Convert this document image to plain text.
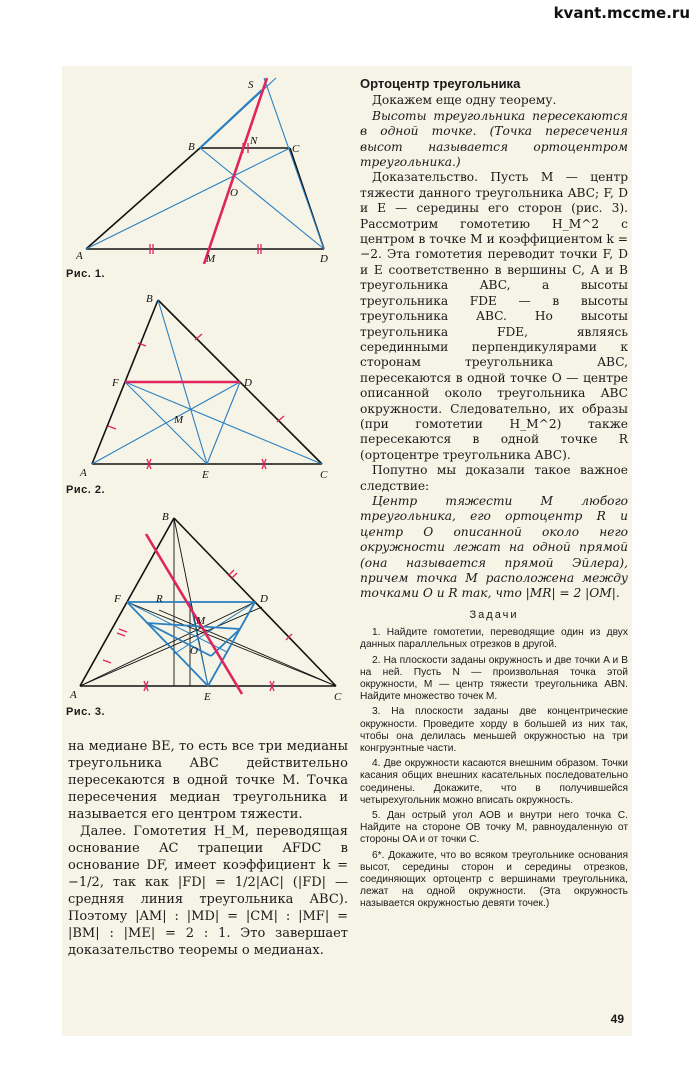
kvant.mccme.ru
S
B	N
C
O
A	M	D
Рис. 1.
B
F	D
M
A	E	C
Рис. 2.
B
F	R	D
M
O
A	E	C
Рис. 3.

на медиане BE, то есть все три медианы треугольника ABC действительно пересекаются в одной точке M. Точка пересечения медиан треугольника и называется его центром тяжести.

Далее. Гомотетия H_M, переводящая основание AC трапеции AFDC в основание DF, имеет коэффициент k = −1/2, так как |FD| = 1/2|AC| (|FD| — средняя линия треугольника ABC). Поэтому |AM| : |MD| = |CM| : |MF| = |BM| : |ME| = 2 : 1. Это завершает доказательство теоремы о медианах.

Ортоцентр треугольника

Докажем еще одну теорему.

Высоты треугольника пересекаются в одной точке. (Точка пересечения высот называется ортоцентром треугольника.)

Доказательство. Пусть M — центр тяжести данного треугольника ABC; F, D и E — середины его сторон (рис. 3). Рассмотрим гомотетию H_M^2 с центром в точке M и коэффициентом k = −2. Эта гомотетия переводит точки F, D и E соответственно в вершины C, A и B треугольника ABC, а высоты треугольника FDE — в высоты треугольника ABC. Но высоты треугольника FDE, являясь серединными перпендикулярами к сторонам треугольника ABC, пересекаются в одной точке O — центре описанной около треугольника ABC окружности. Следовательно, их образы (при гомотетии H_M^2) также пересекаются в одной точке R (ортоцентре треугольника ABC).

Попутно мы доказали такое важное следствие:

Центр тяжести M любого треугольника, его ортоцентр R и центр O описанной около него окружности лежат на одной прямой (она называется прямой Эйлера), причем точка M расположена между точками O и R так, что |MR| = 2 |OM|.

Задачи

1. Найдите гомотетии, переводящие один из двух данных параллельных отрезков в другой.

2. На плоскости заданы окружность и две точки A и B на ней. Пусть N — произвольная точка этой окружности, M — центр тяжести треугольника ABN. Найдите множество точек M.

3. На плоскости заданы две концентрические окружности. Проведите хорду в большей из них так, чтобы она делилась меньшей окружностью на три конгруэнтные части.

4. Две окружности касаются внешним образом. Точки касания общих внешних касательных последовательно соединены. Докажите, что в получившейся четырехугольник можно вписать окружность.

5. Дан острый угол AOB и внутри него точка C. Найдите на стороне OB точку M, равноудаленную от стороны OA и от точки C.

6*. Докажите, что во всяком треугольнике основания высот, середины сторон и середины отрезков, соединяющих ортоцентр с вершинами треугольника, лежат на одной окружности. (Эта окружность называется окружностью девяти точек.)

49
